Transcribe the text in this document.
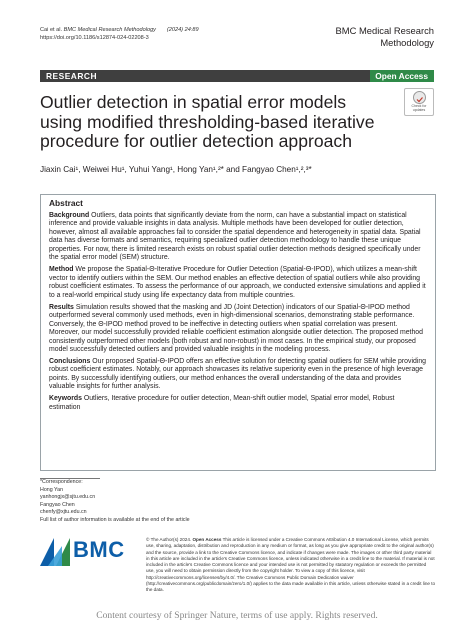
Cai et al. BMC Medical Research Methodology (2024) 24:89
https://doi.org/10.1186/s12874-024-02208-3
BMC Medical Research Methodology
RESEARCH	Open Access
Outlier detection in spatial error models using modified thresholding-based iterative procedure for outlier detection approach
Check for updates
Jiaxin Cai¹, Weiwei Hu¹, Yuhui Yang¹, Hong Yan¹,²* and Fangyao Chen¹,²,³*
Abstract

Background Outliers, data points that significantly deviate from the norm, can have a substantial impact on statistical inference and provide valuable insights in data analysis. Multiple methods have been developed for outlier detection, however, almost all available approaches fail to consider the spatial dependence and heterogeneity in spatial data. Spatial data has diverse formats and semantics, requiring specialized outlier detection methodology to handle these unique properties. For now, there is limited research exists on robust spatial outlier detection methods designed specifically under the spatial error model (SEM) structure.

Method We propose the Spatial-Θ-Iterative Procedure for Outlier Detection (Spatial-Θ-IPOD), which utilizes a mean-shift vector to identify outliers within the SEM. Our method enables an effective detection of spatial outliers while also providing robust coefficient estimates. To assess the performance of our approach, we conducted extensive simulations and applied it to a real-world empirical study using life expectancy data from multiple countries.

Results Simulation results showed that the masking and JD (Joint Detection) indicators of our Spatial-Θ-IPOD method outperformed several commonly used methods, even in high-dimensional scenarios, demonstrating stable performance. Conversely, the Θ-IPOD method proved to be ineffective in detecting outliers when spatial correlation was present. Moreover, our model successfully provided reliable coefficient estimation alongside outlier detection. The proposed method consistently outperformed other models (both robust and non-robust) in most cases. In the empirical study, our proposed model successfully detected outliers and provided valuable insights in the modeling process.

Conclusions Our proposed Spatial-Θ-IPOD offers an effective solution for detecting spatial outliers for SEM while providing robust coefficient estimates. Notably, our approach showcases its relative superiority even in the presence of high leverage points. By successfully identifying outliers, our method enhances the overall understanding of the data and provides valuable insights for further analysis.

Keywords Outliers, Iterative procedure for outlier detection, Mean-shift outlier model, Spatial error model, Robust estimation

*Correspondence:
Hong Yan
yanhongjx@sjtu.edu.cn
Fangyao Chen
chenfy@xjtu.edu.cn
Full list of author information is available at the end of the article
BMC	© The Author(s) 2024. Open Access This article is licensed under a Creative Commons Attribution 4.0 International License, which permits use, sharing, adaptation, distribution and reproduction in any medium or format, as long as you give appropriate credit to the original author(s) and the source, provide a link to the Creative Commons licence, and indicate if changes were made. The images or other third party material in this article are included in the article's Creative Commons licence, unless indicated otherwise in a credit line to the material. If material is not included in the article's Creative Commons licence and your intended use is not permitted by statutory regulation or exceeds the permitted use, you will need to obtain permission directly from the copyright holder. To view a copy of this licence, visit http://creativecommons.org/licenses/by/4.0/. The Creative Commons Public Domain Dedication waiver (http://creativecommons.org/publicdomain/zero/1.0/) applies to the data made available in this article, unless otherwise stated in a credit line to the data.
Content courtesy of Springer Nature, terms of use apply. Rights reserved.
